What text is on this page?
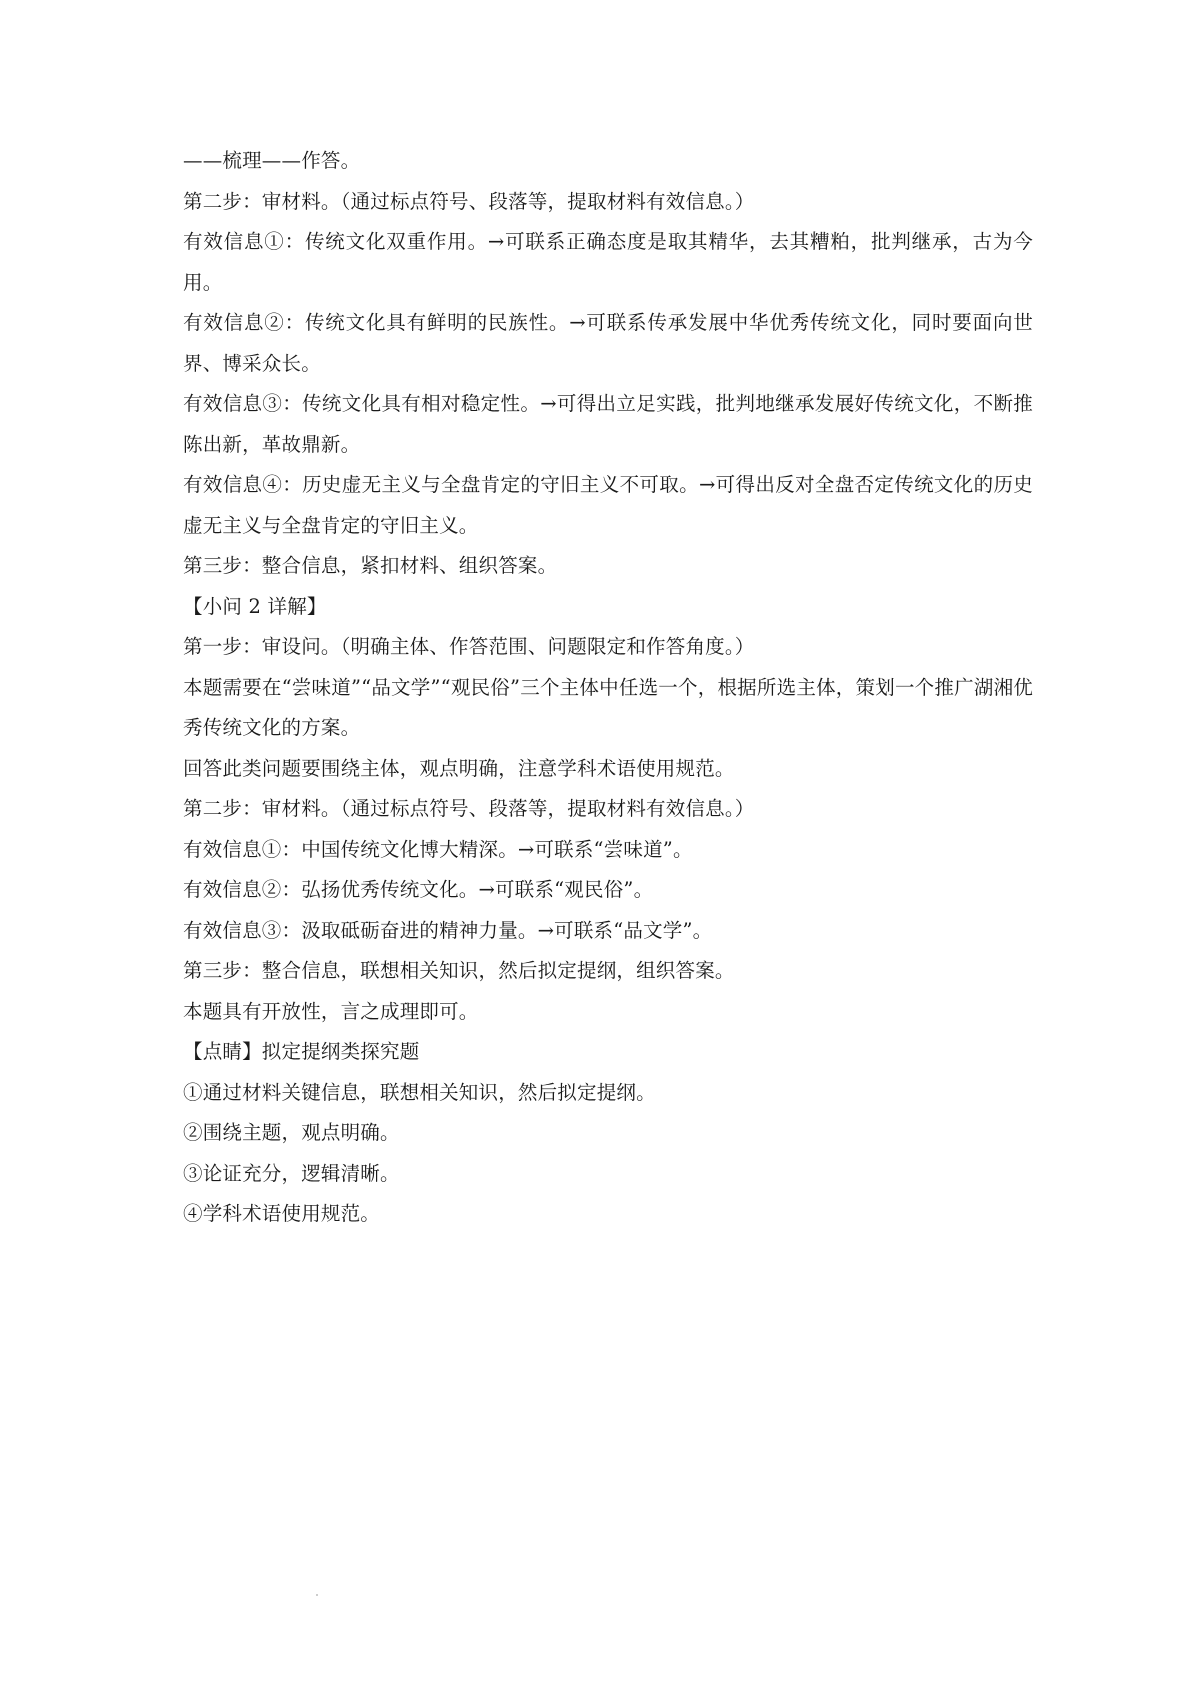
——梳理——作答。
第二步：审材料。（通过标点符号、段落等，提取材料有效信息。）
有效信息①：传统文化双重作用。→可联系正确态度是取其精华，去其糟粕，批判继承，古为今用。
有效信息②：传统文化具有鲜明的民族性。→可联系传承发展中华优秀传统文化，同时要面向世界、博采众长。
有效信息③：传统文化具有相对稳定性。→可得出立足实践，批判地继承发展好传统文化，不断推陈出新，革故鼎新。
有效信息④：历史虚无主义与全盘肯定的守旧主义不可取。→可得出反对全盘否定传统文化的历史虚无主义与全盘肯定的守旧主义。
第三步：整合信息，紧扣材料、组织答案。
【小问 2 详解】
第一步：审设问。（明确主体、作答范围、问题限定和作答角度。）
本题需要在“尝味道”“品文学”“观民俗”三个主体中任选一个，根据所选主体，策划一个推广湖湘优秀传统文化的方案。
回答此类问题要围绕主体，观点明确，注意学科术语使用规范。
第二步：审材料。（通过标点符号、段落等，提取材料有效信息。）
有效信息①：中国传统文化博大精深。→可联系“尝味道”。
有效信息②：弘扬优秀传统文化。→可联系“观民俗”。
有效信息③：汲取砥砺奋进的精神力量。→可联系“品文学”。
第三步：整合信息，联想相关知识，然后拟定提纲，组织答案。
本题具有开放性，言之成理即可。
【点睛】拟定提纲类探究题
①通过材料关键信息，联想相关知识，然后拟定提纲。
②围绕主题，观点明确。
③论证充分，逻辑清晰。
④学科术语使用规范。
